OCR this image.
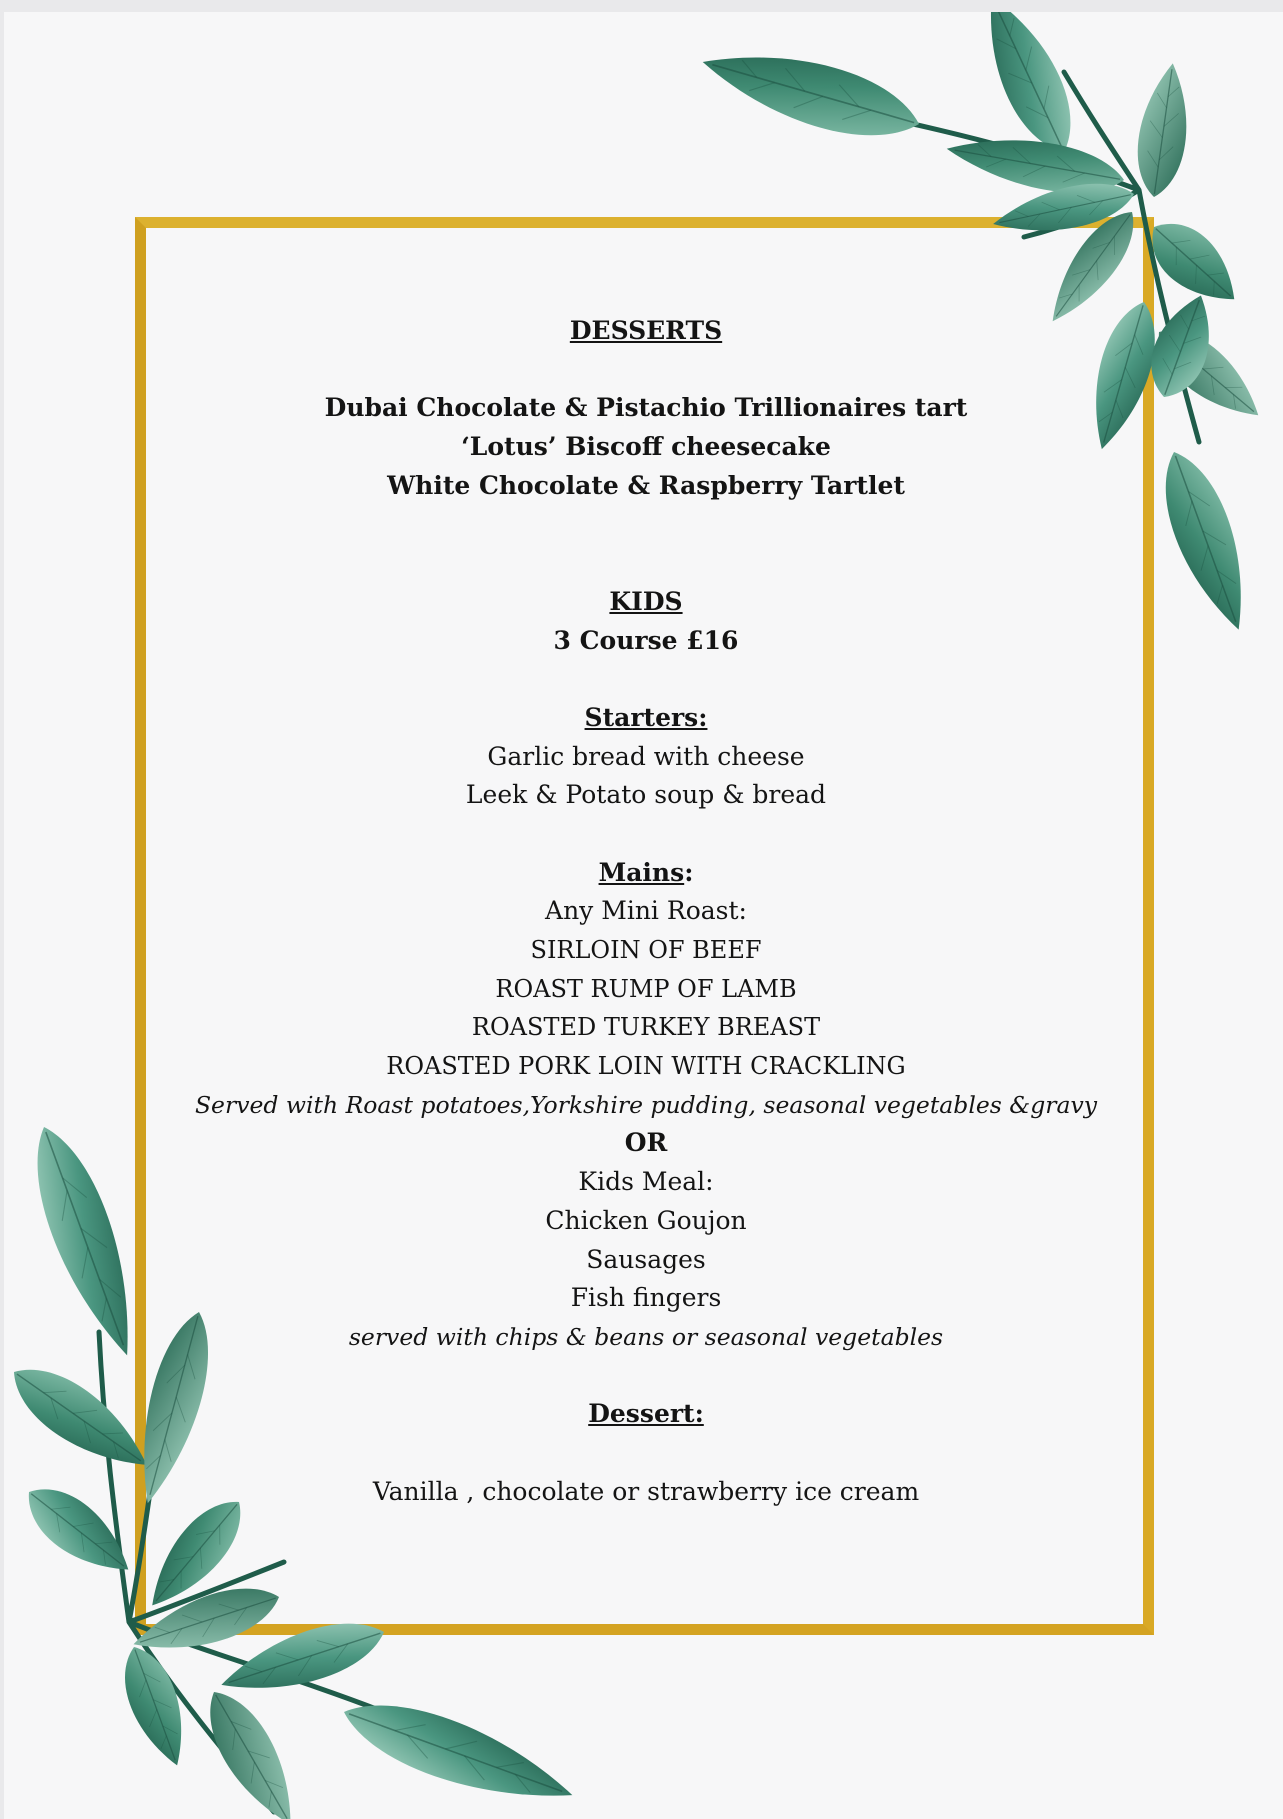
DESSERTS
Dubai Chocolate & Pistachio Trillionaires tart
‘Lotus’ Biscoff cheesecake
White Chocolate & Raspberry Tartlet
KIDS
3 Course £16
Starters:
Garlic bread with cheese
Leek & Potato soup & bread
Mains:
Any Mini Roast:
SIRLOIN OF BEEF
ROAST RUMP OF LAMB
ROASTED TURKEY BREAST
ROASTED PORK LOIN WITH CRACKLING
Served with Roast potatoes,Yorkshire pudding, seasonal vegetables &gravy
OR
Kids Meal:
Chicken Goujon
Sausages
Fish fingers
served with chips & beans or seasonal vegetables
Dessert:
Vanilla , chocolate or strawberry ice cream
